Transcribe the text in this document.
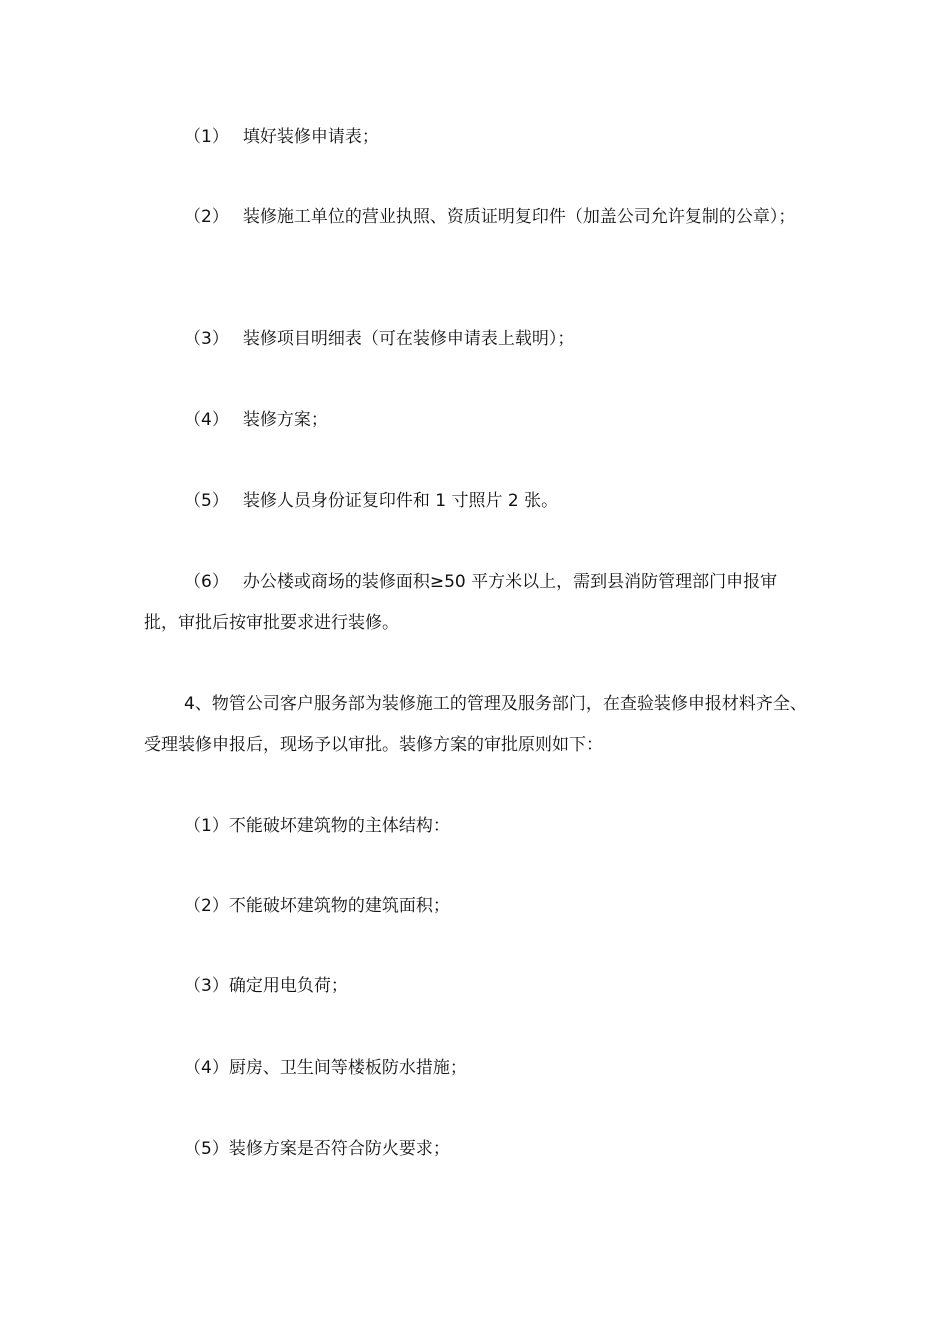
（1） 填好装修申请表；

（2） 装修施工单位的营业执照、资质证明复印件（加盖公司允许复制的公章）；

（3） 装修项目明细表（可在装修申请表上载明）；

（4） 装修方案；

（5） 装修人员身份证复印件和 1 寸照片 2 张。

（6） 办公楼或商场的装修面积≥50 平方米以上，需到县消防管理部门申报审批，审批后按审批要求进行装修。

4、物管公司客户服务部为装修施工的管理及服务部门，在查验装修申报材料齐全、受理装修申报后，现场予以审批。装修方案的审批原则如下：

（1）不能破坏建筑物的主体结构：

（2）不能破坏建筑物的建筑面积；

（3）确定用电负荷；

（4）厨房、卫生间等楼板防水措施；

（5）装修方案是否符合防火要求；
